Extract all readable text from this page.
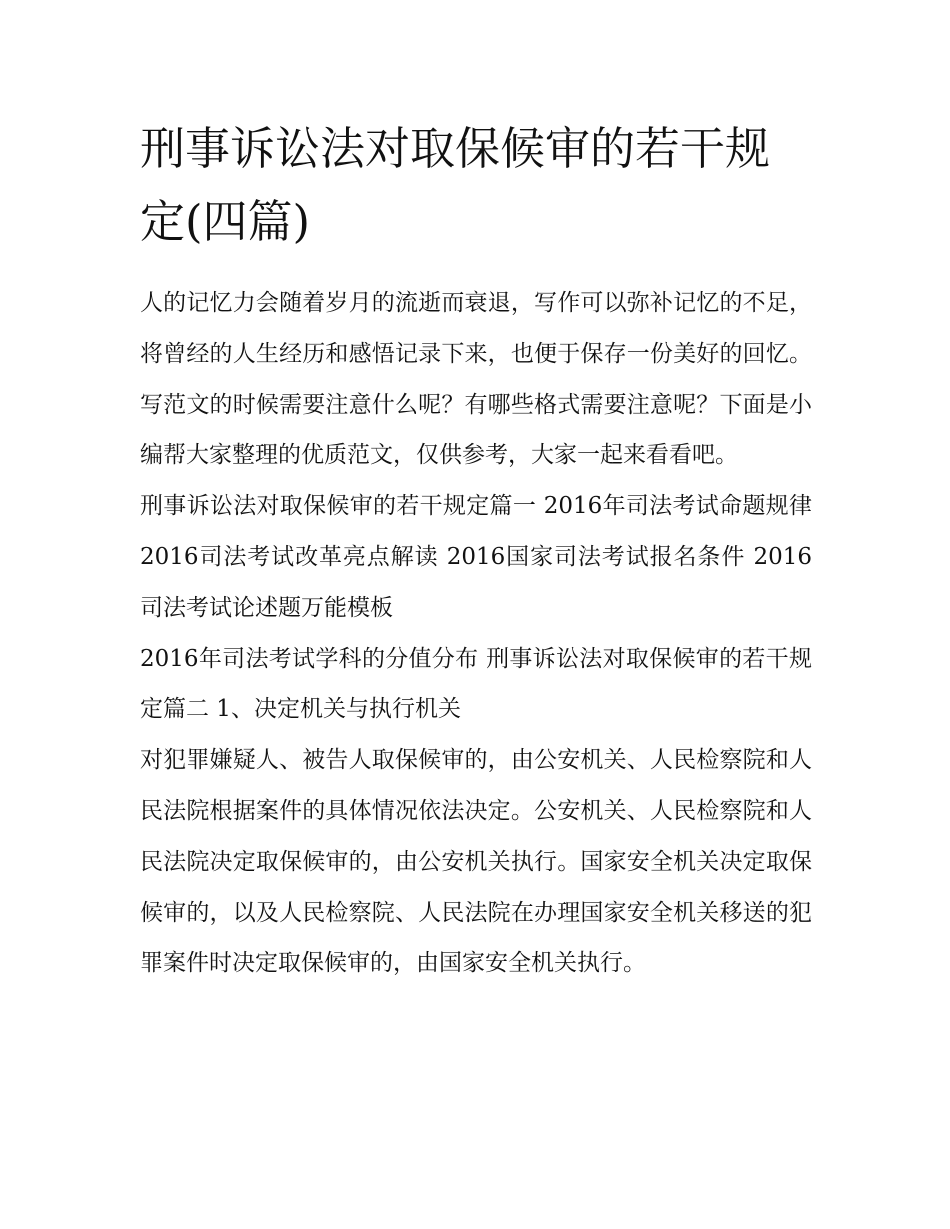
刑事诉讼法对取保候审的若干规定(四篇)

人的记忆力会随着岁月的流逝而衰退，写作可以弥补记忆的不足，将曾经的人生经历和感悟记录下来，也便于保存一份美好的回忆。写范文的时候需要注意什么呢？有哪些格式需要注意呢？下面是小编帮大家整理的优质范文，仅供参考，大家一起来看看吧。

刑事诉讼法对取保候审的若干规定篇一 2016年司法考试命题规律 2016司法考试改革亮点解读 2016国家司法考试报名条件 2016司法考试论述题万能模板

2016年司法考试学科的分值分布 刑事诉讼法对取保候审的若干规定篇二 1、决定机关与执行机关

对犯罪嫌疑人、被告人取保候审的，由公安机关、人民检察院和人民法院根据案件的具体情况依法决定。公安机关、人民检察院和人民法院决定取保候审的，由公安机关执行。国家安全机关决定取保候审的，以及人民检察院、人民法院在办理国家安全机关移送的犯罪案件时决定取保候审的，由国家安全机关执行。
